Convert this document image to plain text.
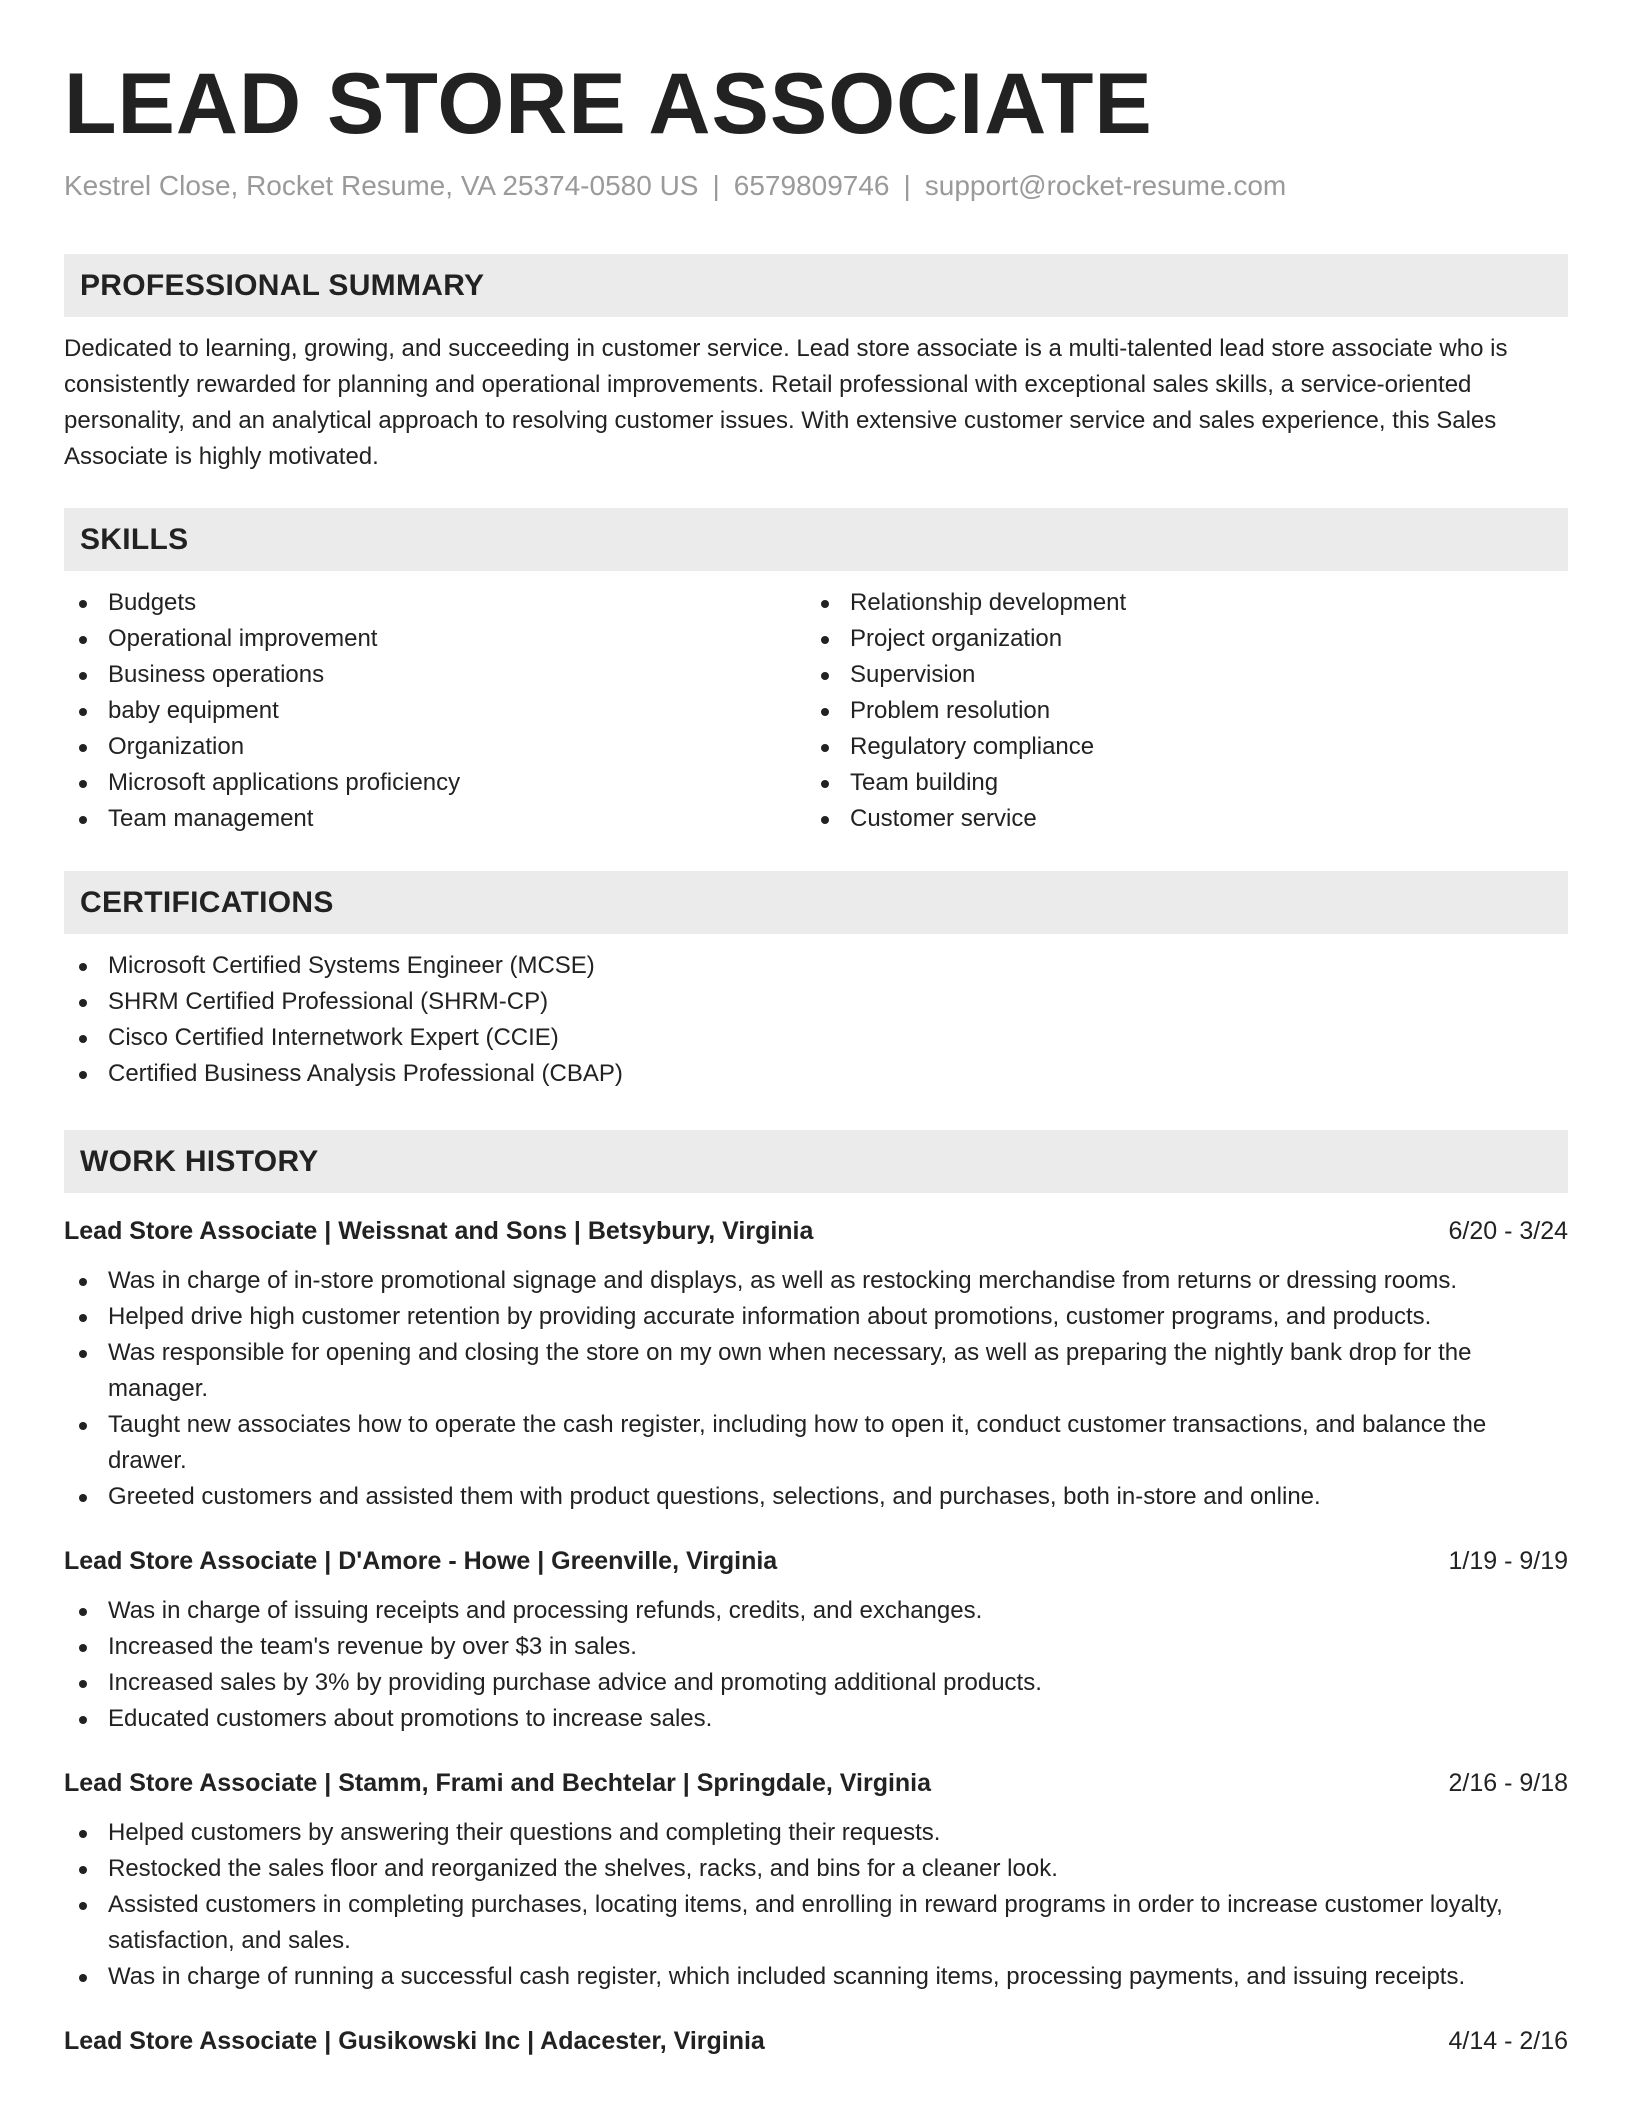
LEAD STORE ASSOCIATE
Kestrel Close, Rocket Resume, VA 25374-0580 US | 6579809746 | support@rocket-resume.com
PROFESSIONAL SUMMARY

Dedicated to learning, growing, and succeeding in customer service. Lead store associate is a multi-talented lead store associate who is consistently rewarded for planning and operational improvements. Retail professional with exceptional sales skills, a service-oriented personality, and an analytical approach to resolving customer issues. With extensive customer service and sales experience, this Sales Associate is highly motivated.

SKILLS
Budgets
Operational improvement
Business operations
baby equipment
Organization
Microsoft applications proficiency
Team management
Relationship development
Project organization
Supervision
Problem resolution
Regulatory compliance
Team building
Customer service
CERTIFICATIONS
Microsoft Certified Systems Engineer (MCSE)
SHRM Certified Professional (SHRM-CP)
Cisco Certified Internetwork Expert (CCIE)
Certified Business Analysis Professional (CBAP)
WORK HISTORY
Lead Store Associate | Weissnat and Sons | Betsybury, Virginia	6/20 - 3/24
Was in charge of in-store promotional signage and displays, as well as restocking merchandise from returns or dressing rooms.
Helped drive high customer retention by providing accurate information about promotions, customer programs, and products.
Was responsible for opening and closing the store on my own when necessary, as well as preparing the nightly bank drop for the manager.
Taught new associates how to operate the cash register, including how to open it, conduct customer transactions, and balance the drawer.
Greeted customers and assisted them with product questions, selections, and purchases, both in-store and online.
Lead Store Associate | D'Amore - Howe | Greenville, Virginia	1/19 - 9/19
Was in charge of issuing receipts and processing refunds, credits, and exchanges.
Increased the team's revenue by over $3 in sales.
Increased sales by 3% by providing purchase advice and promoting additional products.
Educated customers about promotions to increase sales.
Lead Store Associate | Stamm, Frami and Bechtelar | Springdale, Virginia	2/16 - 9/18
Helped customers by answering their questions and completing their requests.
Restocked the sales floor and reorganized the shelves, racks, and bins for a cleaner look.
Assisted customers in completing purchases, locating items, and enrolling in reward programs in order to increase customer loyalty, satisfaction, and sales.
Was in charge of running a successful cash register, which included scanning items, processing payments, and issuing receipts.
Lead Store Associate | Gusikowski Inc | Adacester, Virginia	4/14 - 2/16
